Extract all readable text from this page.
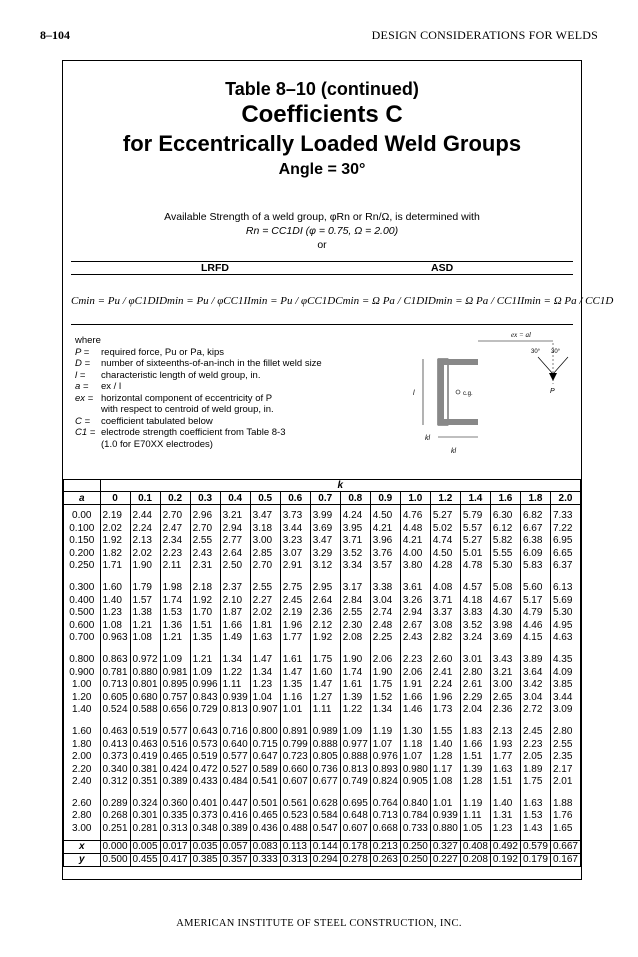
8–104	DESIGN CONSIDERATIONS FOR WELDS
Table 8–10 (continued)
Coefficients C
for Eccentrically Loaded Weld Groups
Angle = 30°
Available Strength of a weld group, φRn or Rn/Ω, is determined with
Rn = CC1DI (φ = 0.75, Ω = 2.00)
or
LRFD	ASD
Cmin = Pu / φC1DI Dmin = Pu / φCC1I Imin = Pu / φCC1D Cmin = Ω Pa / C1DI Dmin = Ω Pa / CC1I Imin = Ω Pa / CC1D
where
P =	required force, Pu or Pa, kips
D =	number of sixteenths-of-an-inch in the fillet weld size
l =	characteristic length of weld group, in.
a =	ex / l
ex = horizontal component of eccentricity of P
with respect to centroid of weld group, in.
C =	coefficient tabulated below
C1 = electrode strength coefficient from Table 8-3
(1.0 for E70XX electrodes)
ex = al
30° 30°
P
c.g.
l
kl
kl
	k															
a	0	0.1	0.2	0.3	0.4	0.5	0.6	0.7	0.8	0.9	1.0	1.2	1.4	1.6	1.8	2.0
0.00	2.19	2.44	2.70	2.96	3.21	3.47	3.73	3.99	4.24	4.50	4.76	5.27	5.79	6.30	6.82	7.33
0.100	2.02	2.24	2.47	2.70	2.94	3.18	3.44	3.69	3.95	4.21	4.48	5.02	5.57	6.12	6.67	7.22
0.150	1.92	2.13	2.34	2.55	2.77	3.00	3.23	3.47	3.71	3.96	4.21	4.74	5.27	5.82	6.38	6.95
0.200	1.82	2.02	2.23	2.43	2.64	2.85	3.07	3.29	3.52	3.76	4.00	4.50	5.01	5.55	6.09	6.65
0.250	1.71	1.90	2.11	2.31	2.50	2.70	2.91	3.12	3.34	3.57	3.80	4.28	4.78	5.30	5.83	6.37
0.300	1.60	1.79	1.98	2.18	2.37	2.55	2.75	2.95	3.17	3.38	3.61	4.08	4.57	5.08	5.60	6.13
0.400	1.40	1.57	1.74	1.92	2.10	2.27	2.45	2.64	2.84	3.04	3.26	3.71	4.18	4.67	5.17	5.69
0.500	1.23	1.38	1.53	1.70	1.87	2.02	2.19	2.36	2.55	2.74	2.94	3.37	3.83	4.30	4.79	5.30
0.600	1.08	1.21	1.36	1.51	1.66	1.81	1.96	2.12	2.30	2.48	2.67	3.08	3.52	3.98	4.46	4.95
0.700	0.963	1.08	1.21	1.35	1.49	1.63	1.77	1.92	2.08	2.25	2.43	2.82	3.24	3.69	4.15	4.63
0.800	0.863	0.972	1.09	1.21	1.34	1.47	1.61	1.75	1.90	2.06	2.23	2.60	3.01	3.43	3.89	4.35
0.900	0.781	0.880	0.981	1.09	1.22	1.34	1.47	1.60	1.74	1.90	2.06	2.41	2.80	3.21	3.64	4.09
1.00	0.713	0.801	0.895	0.996	1.11	1.23	1.35	1.47	1.61	1.75	1.91	2.24	2.61	3.00	3.42	3.85
1.20	0.605	0.680	0.757	0.843	0.939	1.04	1.16	1.27	1.39	1.52	1.66	1.96	2.29	2.65	3.04	3.44
1.40	0.524	0.588	0.656	0.729	0.813	0.907	1.01	1.11	1.22	1.34	1.46	1.73	2.04	2.36	2.72	3.09
1.60	0.463	0.519	0.577	0.643	0.716	0.800	0.891	0.989	1.09	1.19	1.30	1.55	1.83	2.13	2.45	2.80
1.80	0.413	0.463	0.516	0.573	0.640	0.715	0.799	0.888	0.977	1.07	1.18	1.40	1.66	1.93	2.23	2.55
2.00	0.373	0.419	0.465	0.519	0.577	0.647	0.723	0.805	0.888	0.976	1.07	1.28	1.51	1.77	2.05	2.35
2.20	0.340	0.381	0.424	0.472	0.527	0.589	0.660	0.736	0.813	0.893	0.980	1.17	1.39	1.63	1.89	2.17
2.40	0.312	0.351	0.389	0.433	0.484	0.541	0.607	0.677	0.749	0.824	0.905	1.08	1.28	1.51	1.75	2.01
2.60	0.289	0.324	0.360	0.401	0.447	0.501	0.561	0.628	0.695	0.764	0.840	1.01	1.19	1.40	1.63	1.88
2.80	0.268	0.301	0.335	0.373	0.416	0.465	0.523	0.584	0.648	0.713	0.784	0.939	1.11	1.31	1.53	1.76
3.00	0.251	0.281	0.313	0.348	0.389	0.436	0.488	0.547	0.607	0.668	0.733	0.880	1.05	1.23	1.43	1.65
x	0.000	0.005	0.017	0.035	0.057	0.083	0.113	0.144	0.178	0.213	0.250	0.327	0.408	0.492	0.579	0.667
y	0.500	0.455	0.417	0.385	0.357	0.333	0.313	0.294	0.278	0.263	0.250	0.227	0.208	0.192	0.179	0.167
AMERICAN INSTITUTE OF STEEL CONSTRUCTION, INC.
